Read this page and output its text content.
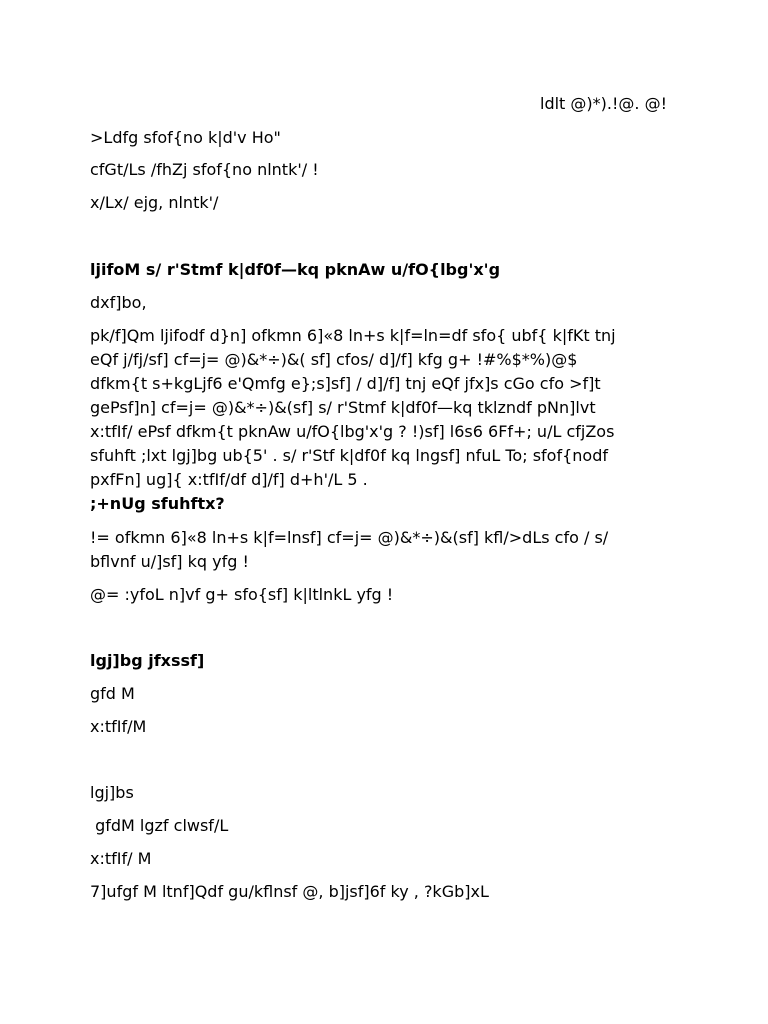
ldlt @)*).!@. @!
>Ldfg sfof{no k|d'v Ho"
cfGt/Ls /fhZj sfof{no nlntk'/ !
x/Lx/ ejg, nlntk'/
ljifoM s/ r'Stmf k|df0f—kq pknAw u/fO{lbg'x'g
dxf]bo,
pk/f]Qm ljifodf d}n] ofkmn 6]«8 ln+s k|f=ln=df sfo{ ubf{ k|fKt tnj
eQf j/fj/sf] cf=j= @)&*÷)&( sf] cfos/ d]/f] kfg g+ !#%$*%)@$
dfkm{t s+kgLjf6 e'Qmfg e};s]sf] / d]/f] tnj eQf jfx]s cGo cfo >f]t
gePsf]n] cf=j= @)&*÷)&(sf] s/ r'Stmf k|df0f—kq tklzndf pNn]lvt
x:tfIf/ ePsf dfkm{t pknAw u/fO{lbg'x'g ? !)sf] l6s6 6Ff+; u/L cfjZos
sfuhft ;lxt lgj]bg ub{5' . s/ r'Stf k|df0f kq lngsf] nfuL To; sfof{nodf
pxfFn] ug]{ x:tfIf/df d]/f] d+h'/L 5 .
;+nUg sfuhftx?
!= ofkmn 6]«8 ln+s k|f=lnsf] cf=j= @)&*÷)&(sf] kfl/>dLs cfo / s/
bflvnf u/]sf] kq yfg !
@= :yfoL n]vf g+ sfo{sf] k|ltlnkL yfg !
lgj]bg jfxssf]
gfd M
x:tfIf/M
lgj]bs
gfdM lgzf clwsf/L
x:tfIf/ M
7]ufgf M ltnf]Qdf gu/kflnsf @, b]jsf]6f ky , ?kGb]xL
